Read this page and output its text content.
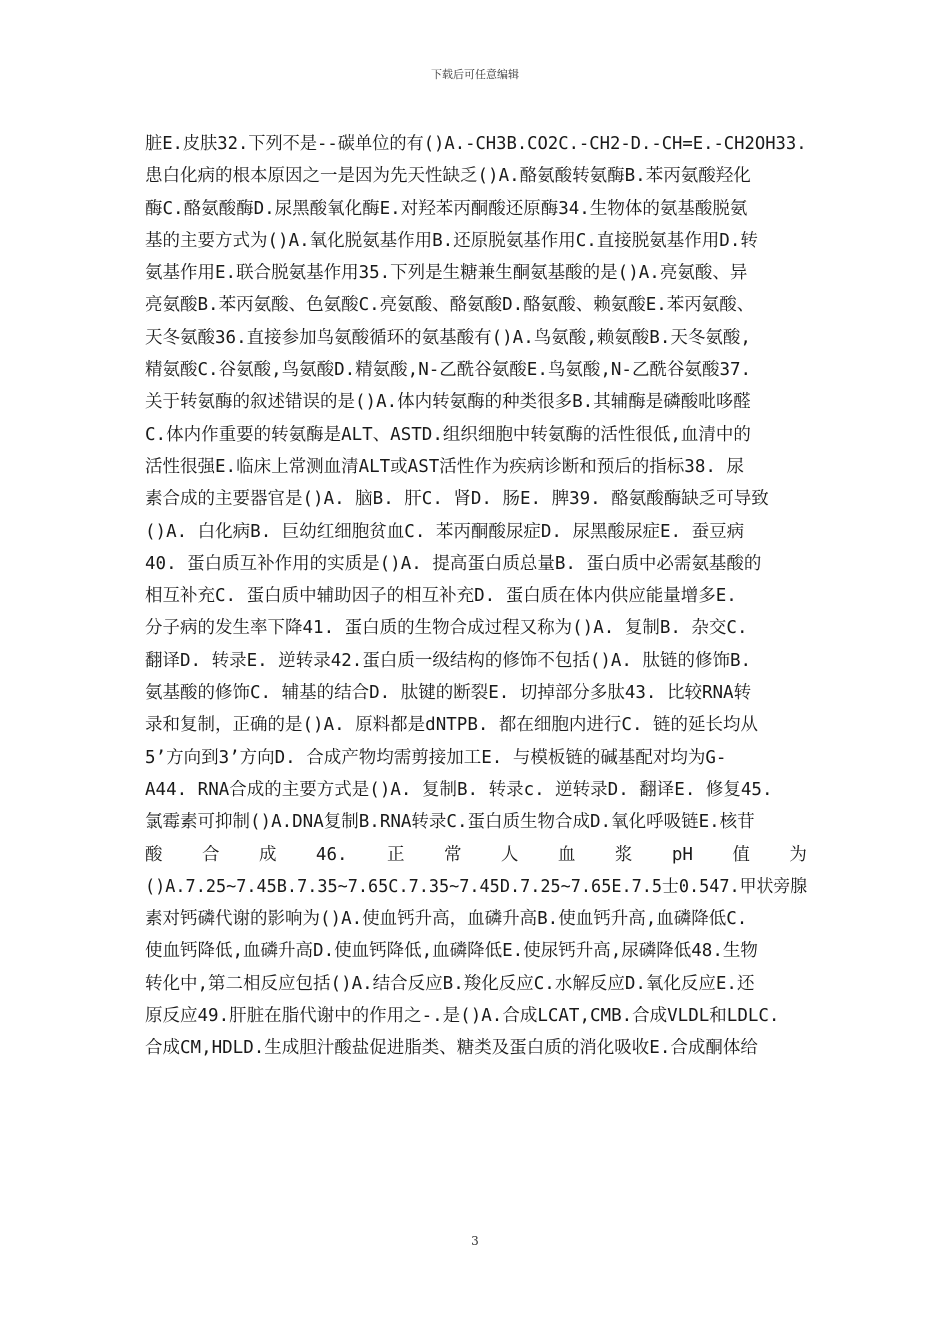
下载后可任意编辑
脏E.皮肤32.下列不是--碳单位的有()A.-CH3B.CO2C.-CH2-D.-CH=E.-CH2OH33.
患白化病的根本原因之一是因为先天性缺乏()A.酪氨酸转氨酶B.苯丙氨酸羟化
酶C.酪氨酸酶D.尿黑酸氧化酶E.对羟苯丙酮酸还原酶34.生物体的氨基酸脱氨
基的主要方式为()A.氧化脱氨基作用B.还原脱氨基作用C.直接脱氨基作用D.转
氨基作用E.联合脱氨基作用35.下列是生糖兼生酮氨基酸的是()A.亮氨酸、异
亮氨酸B.苯丙氨酸、色氨酸C.亮氨酸、酪氨酸D.酪氨酸、赖氨酸E.苯丙氨酸、
天冬氨酸36.直接参加鸟氨酸循环的氨基酸有()A.鸟氨酸,赖氨酸B.天冬氨酸,
精氨酸C.谷氨酸,鸟氨酸D.精氨酸,N-乙酰谷氨酸E.鸟氨酸,N-乙酰谷氨酸37.
关于转氨酶的叙述错误的是()A.体内转氨酶的种类很多B.其辅酶是磷酸吡哆醛
C.体内作重要的转氨酶是ALT、ASTD.组织细胞中转氨酶的活性很低,血清中的
活性很强E.临床上常测血清ALT或AST活性作为疾病诊断和预后的指标38. 尿
素合成的主要器官是()A. 脑B. 肝C. 肾D. 肠E. 脾39. 酪氨酸酶缺乏可导致
()A. 白化病B. 巨幼红细胞贫血C. 苯丙酮酸尿症D. 尿黑酸尿症E. 蚕豆病
40. 蛋白质互补作用的实质是()A. 提高蛋白质总量B. 蛋白质中必需氨基酸的
相互补充C. 蛋白质中辅助因子的相互补充D. 蛋白质在体内供应能量增多E.
分子病的发生率下降41. 蛋白质的生物合成过程又称为()A. 复制B. 杂交C.
翻译D. 转录E. 逆转录42.蛋白质一级结构的修饰不包括()A. 肽链的修饰B.
氨基酸的修饰C. 辅基的结合D. 肽键的断裂E. 切掉部分多肽43. 比较RNA转
录和复制，正确的是()A. 原料都是dNTPB. 都在细胞内进行C. 链的延长均从
5’方向到3’方向D. 合成产物均需剪接加工E. 与模板链的碱基配对均为G-
A44. RNA合成的主要方式是()A. 复制B. 转录c. 逆转录D. 翻译E. 修复45.
氯霉素可抑制()A.DNA复制B.RNA转录C.蛋白质生物合成D.氧化呼吸链E.核苷
酸 合 成 46. 正 常 人 血 浆 pH 值 为
()A.7.25~7.45B.7.35~7.65C.7.35~7.45D.7.25~7.65E.7.5士0.547.甲状旁腺
素对钙磷代谢的影响为()A.使血钙升高，血磷升高B.使血钙升高,血磷降低C.
使血钙降低,血磷升高D.使血钙降低,血磷降低E.使尿钙升高,尿磷降低48.生物
转化中,第二相反应包括()A.结合反应B.羧化反应C.水解反应D.氧化反应E.还
原反应49.肝脏在脂代谢中的作用之-.是()A.合成LCAT,CMB.合成VLDL和LDLC.
合成CM,HDLD.生成胆汁酸盐促进脂类、糖类及蛋白质的消化吸收E.合成酮体给
3
